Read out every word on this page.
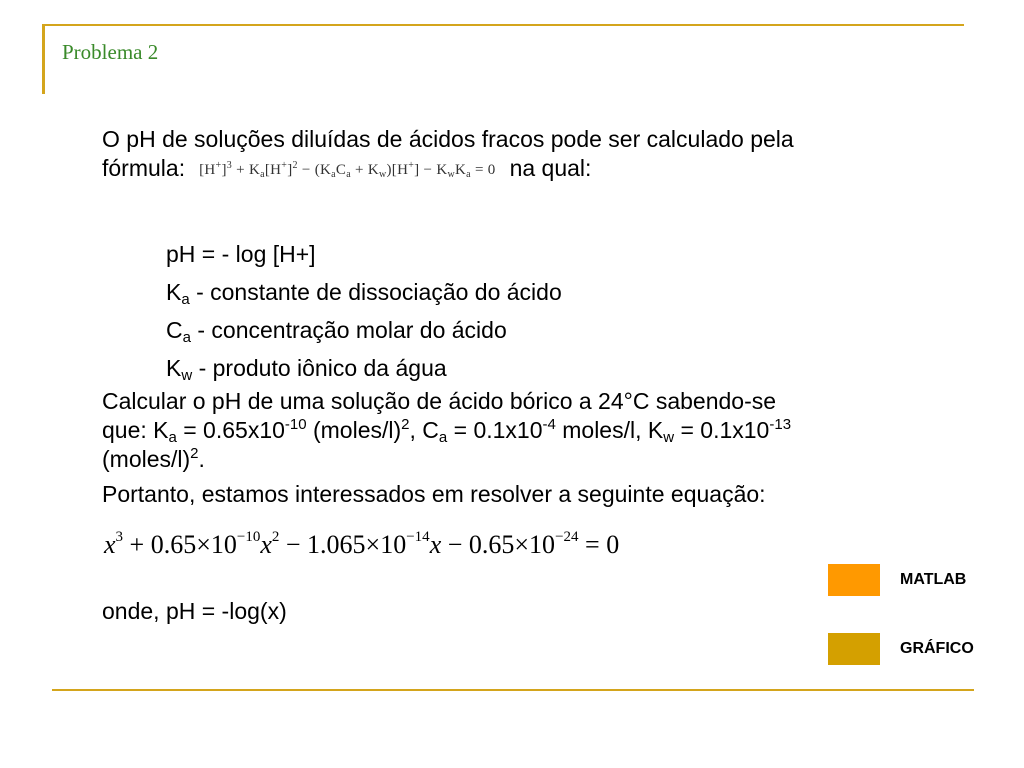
Problema 2

O pH de soluções diluídas de ácidos fracos pode ser calculado pela

fórmula: $[H^+]^3 + K_a[H^+]^2 - (K_aC_a + K_w)[H^+] - K_wK_a = 0$ na qual:

pH = - log [H+]

$K_a$ - constante de dissociação do ácido

$C_a$ - concentração molar do ácido

$K_w$ - produto iônico da água

Calcular o pH de uma solução de ácido bórico a 24°C sabendo-se

que: $K_a = 0.65x10^{-10}$ (moles/l)$^2$, $C_a = 0.1x10^{-4}$ moles/l, $K_w = 0.1x10^{-13}$

(moles/l)$^2$.

Portanto, estamos interessados em resolver a seguinte equação:

$x^3 + 0.65\times 10^{-10}x^2 - 1.065\times 10^{-14}x - 0.65\times 10^{-24} = 0$
onde, pH = -log(x)
MATLAB
GRÁFICO
